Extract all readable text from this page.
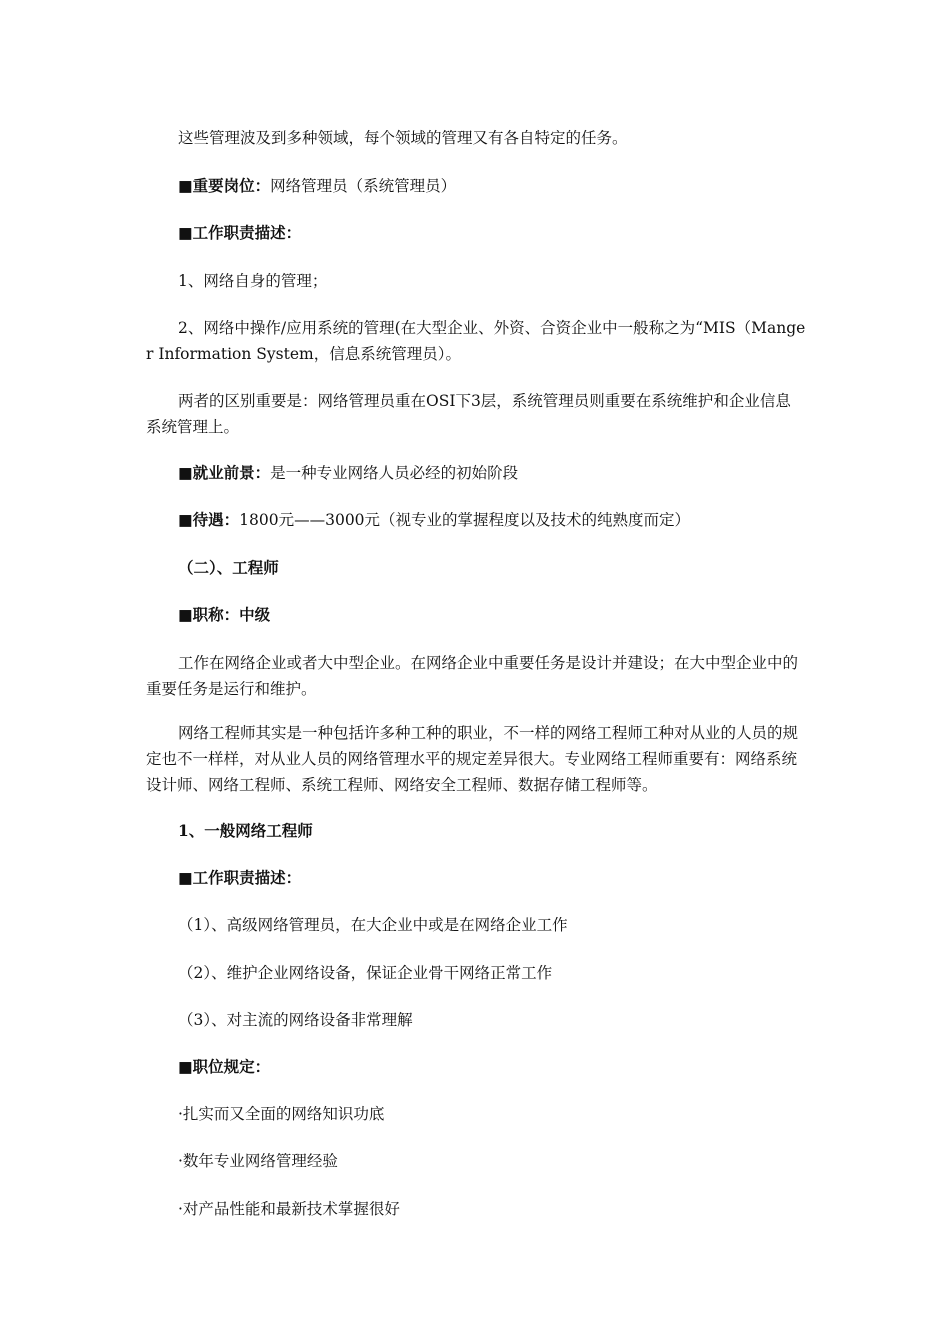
这些管理波及到多种领域，每个领域的管理又有各自特定的任务。

■重要岗位：网络管理员（系统管理员）

■工作职责描述：

1、网络自身的管理；

2、网络中操作/应用系统的管理(在大型企业、外资、合资企业中一般称之为“MIS（Manger Information System，信息系统管理员）。

两者的区别重要是：网络管理员重在OSI下3层，系统管理员则重要在系统维护和企业信息系统管理上。

■就业前景：是一种专业网络人员必经的初始阶段

■待遇：1800元——3000元（视专业的掌握程度以及技术的纯熟度而定）

（二）、工程师

■职称：中级

工作在网络企业或者大中型企业。在网络企业中重要任务是设计并建设；在大中型企业中的重要任务是运行和维护。

网络工程师其实是一种包括许多种工种的职业，不一样的网络工程师工种对从业的人员的规定也不一样样，对从业人员的网络管理水平的规定差异很大。专业网络工程师重要有：网络系统设计师、网络工程师、系统工程师、网络安全工程师、数据存储工程师等。

1、一般网络工程师

■工作职责描述：

（1）、高级网络管理员，在大企业中或是在网络企业工作

（2）、维护企业网络设备，保证企业骨干网络正常工作

（3）、对主流的网络设备非常理解

■职位规定：

·扎实而又全面的网络知识功底

·数年专业网络管理经验

·对产品性能和最新技术掌握很好
